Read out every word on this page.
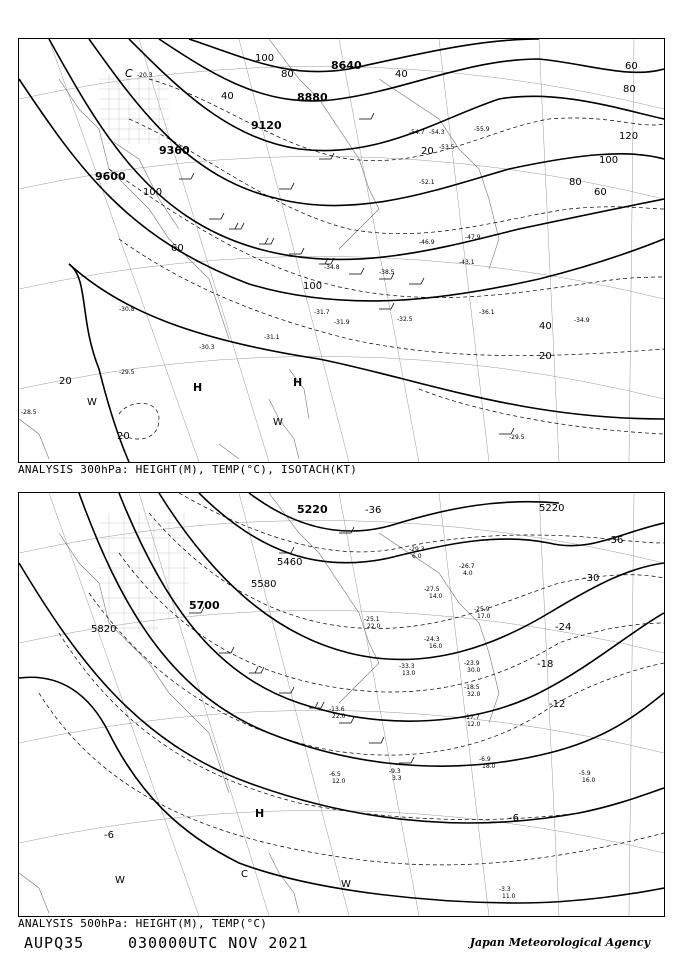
8640
8880
9120
9360
9600
40
60
80
120
100
80
60
100
80
40
100
60
100
20
40
20
20
20
-54.7 -54.3	-55.9
-53.5
-52.1
-47.9
-46.9
-43.1
-38.5
-36.1
-34.8
-31.7
-31.9	-32.5
-30.8
-30.3
-29.5
-29.5
-28.5
-31.1
-34.9
C -20.3
H	H
W
W
ANALYSIS 300hPa: HEIGHT(M), TEMP(°C), ISOTACH(KT)
5220
5460
5580
5700
5820
5220
-36
-36
-30
-24
-18
-12
-6
-6
-26.7
4.0
-27.5
14.0
-24.3
16.0
-25.9
17.0
-23.9
30.0
-18.5
32.0
-17.7
12.0
-6.9
18.0
-5.9
16.0
-9.3
3.3
-6.5
12.0
-3.3
11.0
-13.6
22.0
-25.1
22.0
-33.3
13.0
-29.3
6.0
H
C
W	W
ANALYSIS 500hPa: HEIGHT(M), TEMP(°C)
AUPQ35	030000UTC NOV 2021	Japan Meteorological Agency
